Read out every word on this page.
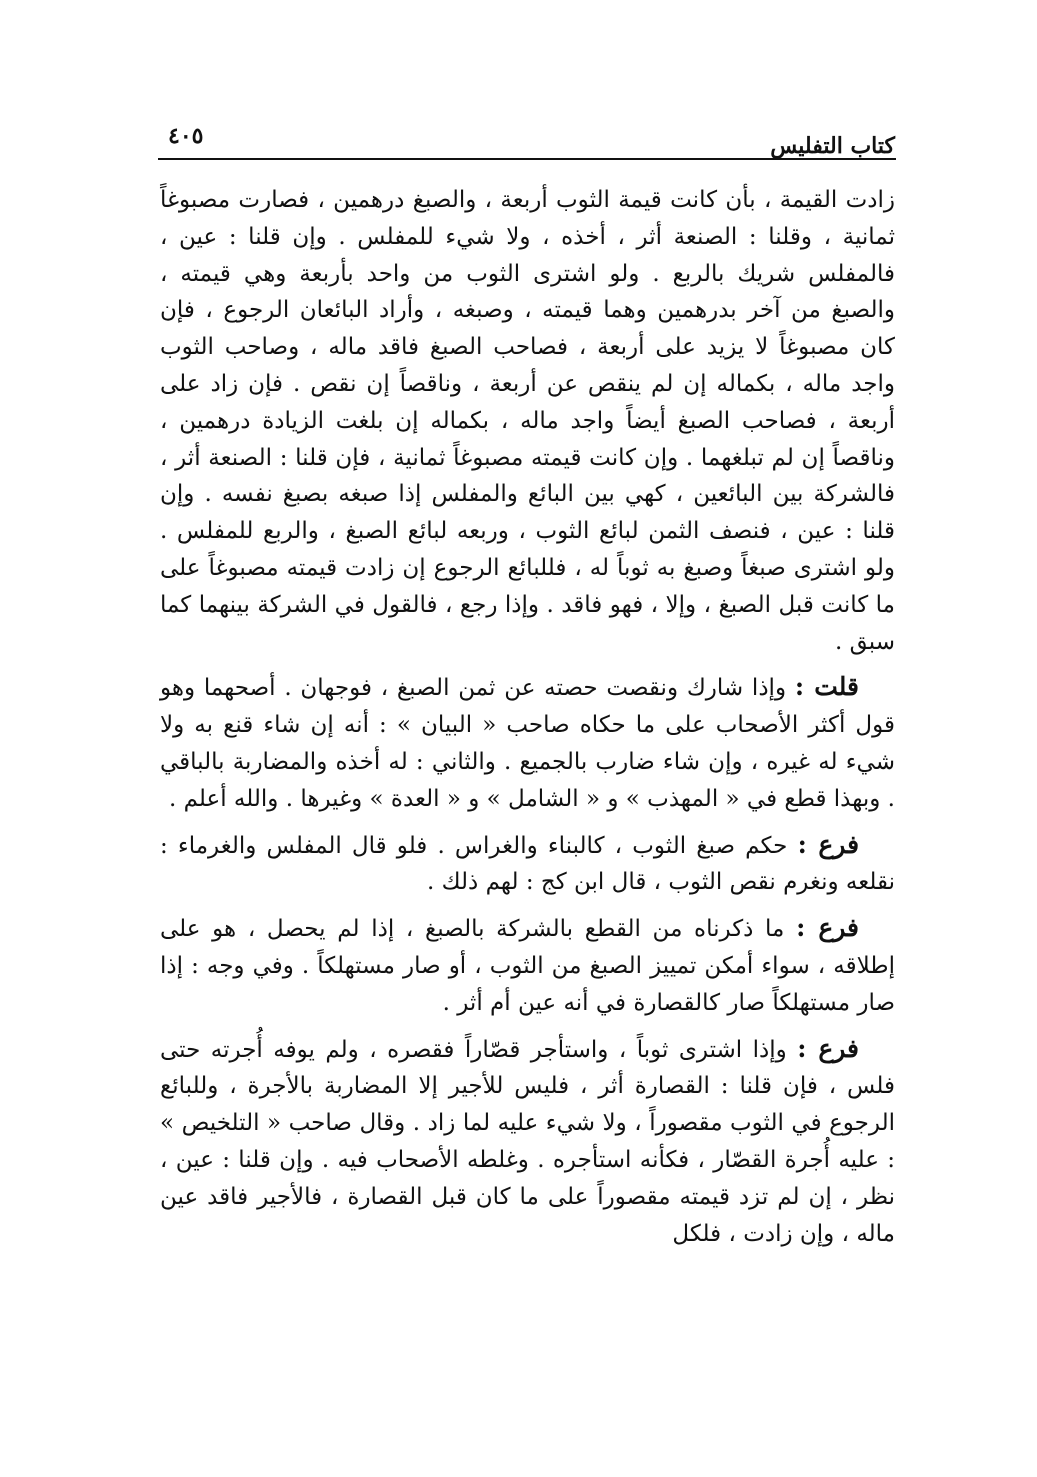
كتاب التفليس
٤٠٥

زادت القيمة ، بأن كانت قيمة الثوب أربعة ، والصبغ درهمين ، فصارت مصبوغاً ثمانية ، وقلنا : الصنعة أثر ، أخذه ، ولا شيء للمفلس . وإن قلنا : عين ، فالمفلس شريك بالربع . ولو اشترى الثوب من واحد بأربعة وهي قيمته ، والصبغ من آخر بدرهمين وهما قيمته ، وصبغه ، وأراد البائعان الرجوع ، فإن كان مصبوغاً لا يزيد على أربعة ، فصاحب الصبغ فاقد ماله ، وصاحب الثوب واجد ماله ، بكماله إن لم ينقص عن أربعة ، وناقصاً إن نقص . فإن زاد على أربعة ، فصاحب الصبغ أيضاً واجد ماله ، بكماله إن بلغت الزيادة درهمين ، وناقصاً إن لم تبلغهما . وإن كانت قيمته مصبوغاً ثمانية ، فإن قلنا : الصنعة أثر ، فالشركة بين البائعين ، كهي بين البائع والمفلس إذا صبغه بصبغ نفسه . وإن قلنا : عين ، فنصف الثمن لبائع الثوب ، وربعه لبائع الصبغ ، والربع للمفلس . ولو اشترى صبغاً وصبغ به ثوباً له ، فللبائع الرجوع إن زادت قيمته مصبوغاً على ما كانت قبل الصبغ ، وإلا ، فهو فاقد . وإذا رجع ، فالقول في الشركة بينهما كما سبق .

قلت : وإذا شارك ونقصت حصته عن ثمن الصبغ ، فوجهان . أصحهما وهو قول أكثر الأصحاب على ما حكاه صاحب « البيان » : أنه إن شاء قنع به ولا شيء له غيره ، وإن شاء ضارب بالجميع . والثاني : له أخذه والمضاربة بالباقي . وبهذا قطع في « المهذب » و « الشامل » و « العدة » وغيرها . والله أعلم .

فرع : حكم صبغ الثوب ، كالبناء والغراس . فلو قال المفلس والغرماء : نقلعه ونغرم نقص الثوب ، قال ابن كج : لهم ذلك .

فرع : ما ذكرناه من القطع بالشركة بالصبغ ، إذا لم يحصل ، هو على إطلاقه ، سواء أمكن تمييز الصبغ من الثوب ، أو صار مستهلكاً . وفي وجه : إذا صار مستهلكاً صار كالقصارة في أنه عين أم أثر .

فرع : وإذا اشترى ثوباً ، واستأجر قصّاراً فقصره ، ولم يوفه أُجرته حتى فلس ، فإن قلنا : القصارة أثر ، فليس للأجير إلا المضاربة بالأجرة ، وللبائع الرجوع في الثوب مقصوراً ، ولا شيء عليه لما زاد . وقال صاحب « التلخيص » : عليه أُجرة القصّار ، فكأنه استأجره . وغلطه الأصحاب فيه . وإن قلنا : عين ، نظر ، إن لم تزد قيمته مقصوراً على ما كان قبل القصارة ، فالأجير فاقد عين ماله ، وإن زادت ، فلكل
